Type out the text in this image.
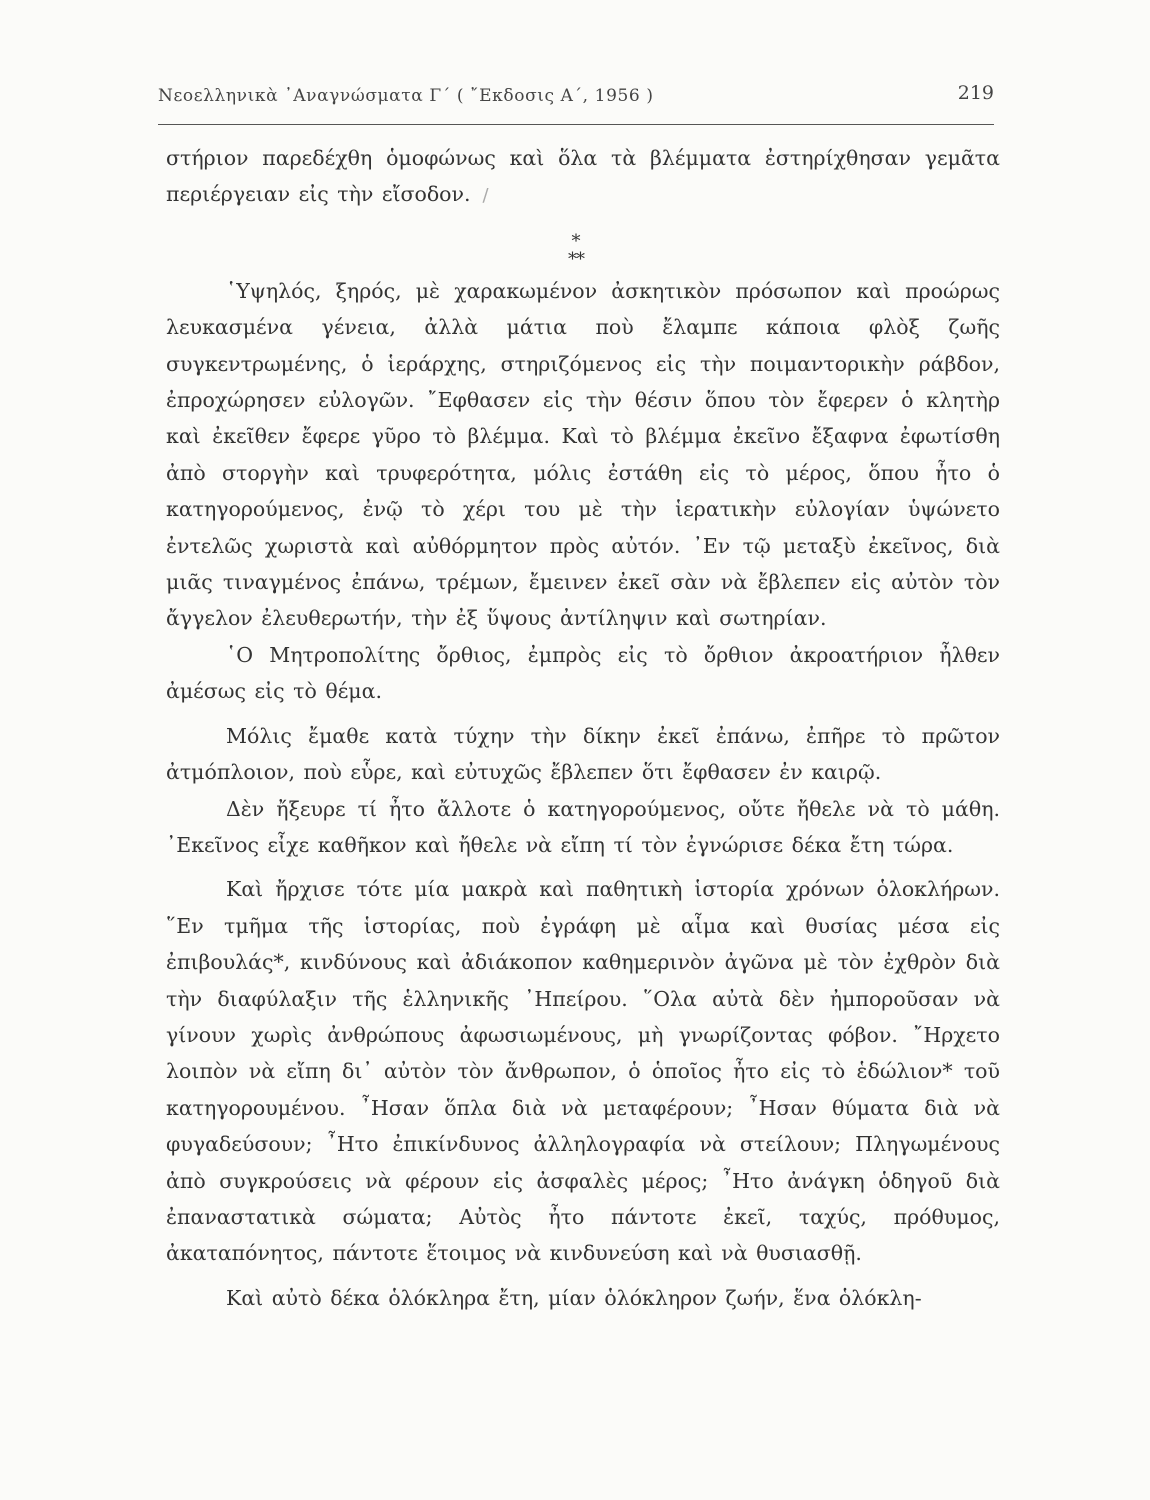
Νεοελληνικὰ ᾿Αναγνώσματα Γ´ ( ῎Εκδοσις Α´, 1956 )	219

στήριον παρεδέχθη ὁμοφώνως καὶ ὅλα τὰ βλέμματα ἐστηρίχθησαν γεμᾶτα περιέργειαν εἰς τὴν εἴσοδον. /

*
**

῾Υψηλός, ξηρός, μὲ χαρακωμένον ἀσκητικὸν πρόσωπον καὶ προώρως λευκασμένα γένεια, ἀλλὰ μάτια ποὺ ἔλαμπε κάποια φλὸξ ζωῆς συγκεντρωμένης, ὁ ἱεράρχης, στηριζόμενος εἰς τὴν ποιμαντορικὴν ράβδον, ἐπροχώρησεν εὐλογῶν. ῎Εφθασεν εἰς τὴν θέσιν ὅπου τὸν ἔφερεν ὁ κλητὴρ καὶ ἐκεῖθεν ἔφερε γῦρο τὸ βλέμμα. Καὶ τὸ βλέμμα ἐκεῖνο ἔξαφνα ἐφωτίσθη ἀπὸ στοργὴν καὶ τρυφερότητα, μόλις ἐστάθη εἰς τὸ μέρος, ὅπου ἦτο ὁ κατηγορούμενος, ἐνῷ τὸ χέρι του μὲ τὴν ἱερατικὴν εὐλογίαν ὑψώνετο ἐντελῶς χωριστὰ καὶ αὐθόρμητον πρὸς αὐτόν. ᾿Εν τῷ μεταξὺ ἐκεῖνος, διὰ μιᾶς τιναγμένος ἐπάνω, τρέμων, ἔμεινεν ἐκεῖ σὰν νὰ ἔβλεπεν εἰς αὐτὸν τὸν ἄγγελον ἐλευθερωτήν, τὴν ἐξ ὕψους ἀντίληψιν καὶ σωτηρίαν.

῾Ο Μητροπολίτης ὄρθιος, ἐμπρὸς εἰς τὸ ὄρθιον ἀκροατήριον ἦλθεν ἀμέσως εἰς τὸ θέμα.

Μόλις ἔμαθε κατὰ τύχην τὴν δίκην ἐκεῖ ἐπάνω, ἐπῆρε τὸ πρῶτον ἀτμόπλοιον, ποὺ εὗρε, καὶ εὐτυχῶς ἔβλεπεν ὅτι ἔφθασεν ἐν καιρῷ.

Δὲν ἤξευρε τί ἦτο ἄλλοτε ὁ κατηγορούμενος, οὔτε ἤθελε νὰ τὸ μάθη. ᾿Εκεῖνος εἶχε καθῆκον καὶ ἤθελε νὰ εἴπη τί τὸν ἐγνώρισε δέκα ἔτη τώρα.

Καὶ ἤρχισε τότε μία μακρὰ καὶ παθητικὴ ἱστορία χρόνων ὁλοκλήρων. ῞Εν τμῆμα τῆς ἱστορίας, ποὺ ἐγράφη μὲ αἷμα καὶ θυσίας μέσα εἰς ἐπιβουλάς*, κινδύνους καὶ ἀδιάκοπον καθημερινὸν ἀγῶνα μὲ τὸν ἐχθρὸν διὰ τὴν διαφύλαξιν τῆς ἑλληνικῆς ᾿Ηπείρου. ῞Ολα αὐτὰ δὲν ἠμποροῦσαν νὰ γίνουν χωρὶς ἀνθρώπους ἀφωσιωμένους, μὴ γνωρίζοντας φόβον. ῎Ηρχετο λοιπὸν νὰ εἴπη δι᾿ αὐτὸν τὸν ἄνθρωπον, ὁ ὁποῖος ἦτο εἰς τὸ ἑδώλιον* τοῦ κατηγορουμένου. ῏Ησαν ὅπλα διὰ νὰ μεταφέρουν; ῏Ησαν θύματα διὰ νὰ φυγαδεύσουν; ῏Ητο ἐπικίνδυνος ἀλληλογραφία νὰ στείλουν; Πληγωμένους ἀπὸ συγκρούσεις νὰ φέρουν εἰς ἀσφαλὲς μέρος; ῏Ητο ἀνάγκη ὁδηγοῦ διὰ ἐπαναστατικὰ σώματα; Αὐτὸς ἦτο πάντοτε ἐκεῖ, ταχύς, πρόθυμος, ἀκαταπόνητος, πάντοτε ἕτοιμος νὰ κινδυνεύση καὶ νὰ θυσιασθῇ.

Καὶ αὐτὸ δέκα ὁλόκληρα ἔτη, μίαν ὁλόκληρον ζωήν, ἕνα ὁλόκλη-
